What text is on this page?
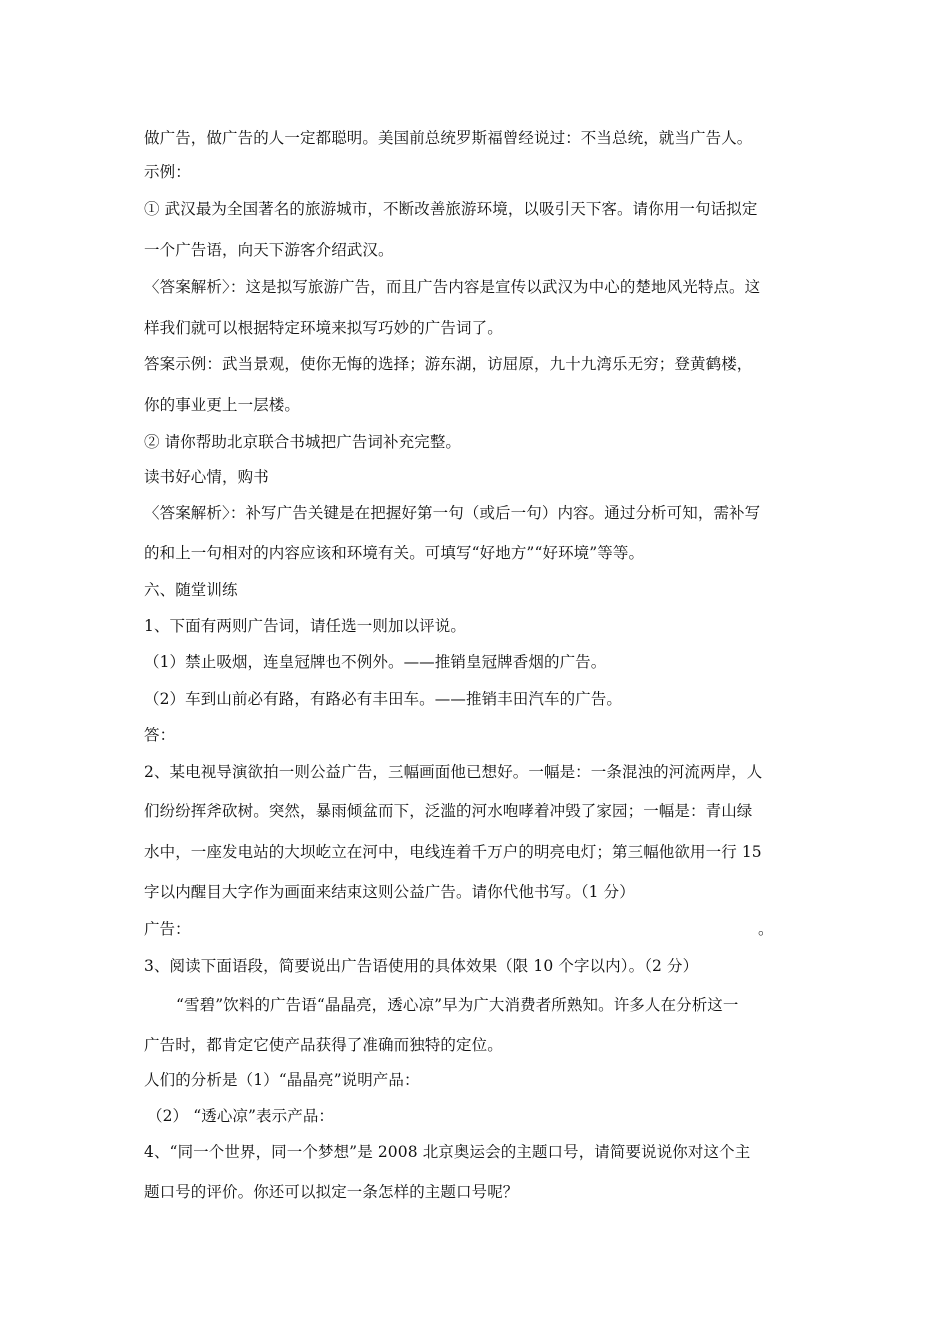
做广告，做广告的人一定都聪明。美国前总统罗斯福曾经说过：不当总统，就当广告人。
示例：
① 武汉最为全国著名的旅游城市，不断改善旅游环境，以吸引天下客。请你用一句话拟定
一个广告语，向天下游客介绍武汉。
〈答案解析〉：这是拟写旅游广告，而且广告内容是宣传以武汉为中心的楚地风光特点。这
样我们就可以根据特定环境来拟写巧妙的广告词了。
答案示例：武当景观，使你无悔的选择；游东湖，访屈原，九十九湾乐无穷；登黄鹤楼，
你的事业更上一层楼。
② 请你帮助北京联合书城把广告词补充完整。
读书好心情，购书
〈答案解析〉：补写广告关键是在把握好第一句（或后一句）内容。通过分析可知，需补写
的和上一句相对的内容应该和环境有关。可填写“好地方”“好环境”等等。
六、随堂训练
1、下面有两则广告词，请任选一则加以评说。
（1）禁止吸烟，连皇冠牌也不例外。——推销皇冠牌香烟的广告。
（2）车到山前必有路，有路必有丰田车。——推销丰田汽车的广告。
答：
2、某电视导演欲拍一则公益广告，三幅画面他已想好。一幅是：一条混浊的河流两岸，人
们纷纷挥斧砍树。突然，暴雨倾盆而下，泛滥的河水咆哮着冲毁了家园；一幅是：青山绿
水中，一座发电站的大坝屹立在河中，电线连着千万户的明亮电灯；第三幅他欲用一行 15
字以内醒目大字作为画面来结束这则公益广告。请你代他书写。（1 分）
广告：	。
3、阅读下面语段，简要说出广告语使用的具体效果（限 10 个字以内）。（2 分）
“雪碧”饮料的广告语“晶晶亮，透心凉”早为广大消费者所熟知。许多人在分析这一
广告时，都肯定它使产品获得了准确而独特的定位。
人们的分析是（1）“晶晶亮”说明产品：
（2） “透心凉”表示产品：
4、“同一个世界，同一个梦想”是 2008 北京奥运会的主题口号，请简要说说你对这个主
题口号的评价。你还可以拟定一条怎样的主题口号呢？
